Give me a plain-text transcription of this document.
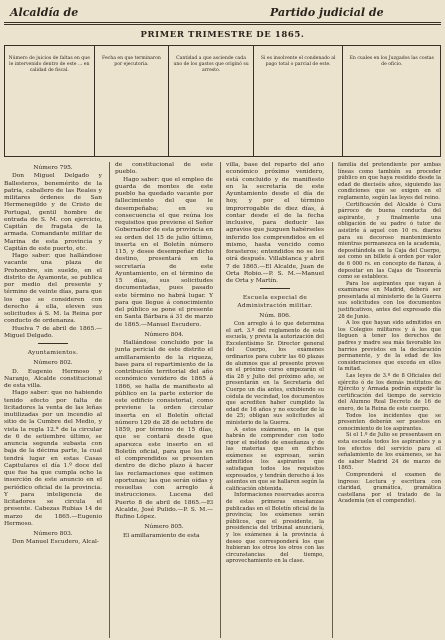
Alcaldía de	Partido judicial de
PRIMER TRIMESTRE DE 1865.
Número de juicios de faltas en que le intervenido dentro de este ... en calidad de fiscal.
Fecha en que terminaron por ejecutoria.
Cantidad a que asciende cada uno de los gastos que originó su arresto.
Si es insolvente el condenado al pago total o parcial de este.
En cuales en los Juzgados las costas de oficio.
Número 795.

Don Miguel Delgado y Ballesteros, benemérito de la patria, caballero de las Reales y militares órdenes de San Hermenegildo y de Cristo de Portugal, gentil hombre de entrada de S. M. con ejercicio, Capitán de fragata de la armada. Comandante militar de Marina de esta provincia y Capitán de este puerto, etc.

Hago saber: que hallándose vacante una plaza de Prohombre, sin sueldo, en el distrito de Ayamonte, se publica por medio del presente y término de veinte días, para que los que se consideren con derecho á ella, eleven sus solicitudes á S. M. la Reina por conducto de ordenanza.

Huelva 7 de abril de 1865.—Miguel Delgado.

Ayuntamientos.
Número 802.

D. Eugenio Hermoso y Naranjo, Alcalde constitucional de esta villa.

Hago saber: que no habiendo tenido efecto por falta de licitadores la venta de las leñas inutilizadas por un incendio al sitio de la Cumbre del Medio, y vista la regla 12.ª de la circular de 6 de setiembre último, se anuncia segunda subasta con baja de la décima parte, la cual tendrá lugar en estas Casas Capitulares el día 1.º doce del que fue ha que cumpla ocho la inserción de este anuncio en el periódico oficial de la provincia. Y para inteligencia de licitadores se circula el presente. Cabezas Rubias 14 de marzo de 1865.—Eugenio Hermoso.

Número 803.

Don Manuel Escudero, Alcal-

de constitucional de este pueblo.

Hago saber: que el empleo de guarda de montes de este pueblo ha quedado vacante por fallecimiento del que le desempeñaba; en su consecuencia el que reúna los requisitos que previene el Señor Gobernador de esta provincia en su orden del 15 de julio último, inserta en el Boletín número 115, y desee desempeñar dicho destino, presentará en la secretaría de este Ayuntamiento, en el término de 15 días, sus solicitudes documentadas, pues pasado este término no habrá lugar. Y para que llegue á conocimiento del público se pone el presente en Santa Bárbara á 31 de marzo de 1865.—Manuel Escudero.

Número 804.

Hallándose concluido por la junta pericial de este distrito el amillaramiento de la riqueza, base para el repartimiento de la contribución territorial del año económico venidero de 1865 á 1866, se halla de manifiesto al público en la parte exterior de este edificio consistorial, como previene la orden circular inserta en el Boletín oficial número 129 de 28 de octubre de 1859, por término de 15 días, que se contará desde que aparezca este inserto en el Boletín oficial, para que los en el comprendidos se presenten dentro de dicho plazo á hacer las reclamaciones que estimen oportunas; las que serán oídas y resueltas con arreglo á instrucciones. Lucena del Puerto 8 de abril de 1865.—El Alcalde, José Pulido.—P. S. M.—Rufino López.

Número 805.

El amillaramiento de esta

villa, base del reparto del año económico próximo venidero, está concluido y de manifiesto en la secretaría de este Ayuntamiento desde el día de hoy, y por el término improrrogable de diez días, á contar desde el de la fecha inclusive, para deducir las agravios que juzguen habérseles inferido los comprendidos en el mismo, hasta vencido como forasteros; entendidos no se les oirá después. Villablanca y abril 7 de 1865.—El Alcalde, Juan de Orta Robio.—P. S. M.—Manuel de Orta y Martín.

Escuela especial de Administración militar.
Núm. 806.

Con arreglo á lo que determina el art. 3.º del reglamento de esta escuela, y previa la autorización del Excelentísimo Sr. Director general del Cuerpo, los exámenes ordinarios para cubrir las 60 plazas de alumnos que al presente provee en el próximo curso empezarán el día 28 y Julio del próximo año, se presentarán en la Secretaría del Cuerpo un día antes, exhibiendo su cédula de vecindad, los documentos que acrediten haber cumplido la edad de 16 años y no exceder de la de 25; obligan sus solicitudes al ministerio de la Guerra.

A estos exámenes, en la que habrán de comprender con todo rigor el método de enseñanza y de las materias que en dichos exámenes se expresan, serán admitidos los aspirantes que satisfagan todos los requisitos expresados, y tendrán derecho á los asientos en que se hallaren según la calificación obtenida.

Informaciones reservadas acerca de estas primeras enseñanzas publicadas en el Boletín oficial de la provincia; los exámenes serán públicos, que el presidente, la presidencia del tribunal anunciará, y los exámenes á la provincia á deseo que corresponderá los que hubieran los otros los otros con las circunstancias del tiempo, aprovechamiento en la clase.

familia del pretendiente por ambas líneas como también su proceder público en que haya residido desde la edad de dieciséis años, siguiendo las condiciones que se exigen en el reglamento, según las leyes del reino.

Certificación del Alcalde ó Cura párroco de buena conducta del aspirante, y finalmente una obligación de su padre ó tutor de asistirle á aquel con 10 rs. diarios para su decoroso mantenimiento mientras permanezca en la academia, depositándola en la Caja del Cuerpo, así como un billete á orden por valor de 6 000 rs. en concepto de fianza, á depositar en las Cajas de Tesorería como se establece.

Para los aspirantes que vayan á examinarse en Madrid, deberá ser presentada al ministerio de la Guerra sus solicitudes con los documentos justificativos, antes del expresado día 28 de Junio.

A los que hayan sido admitidos en los Colegios militares y á los que lleguen á tener los derechos de padres y madre sea más favorable los barrios previstos en la declaración permanente, y de la edad de los consideraciones que exceda en ellos la mitad.

Las leyes de 3.º de 8 Oficiales del ejército ó de los demás institutos de Ejército y Armada podrán expedir la certificación del tiempo de servicio del Alumno Real Decreto de 16 de enero, de la Reina de este cuerpo.

Todos los incidentes que se presenten deberán ser puestos en conocimiento de los aspirantes.

Si el 1.º de Julio se presentasen en esta escuela todos los aspirantes y a los efectos del servicio para el señalamiento de los exámenes, se ha de saber Madrid 24 de marzo de 1865.

Comprenderá el examen de ingreso: Lectura y escritura con claridad, gramática, gramática castellana por el tratado de la Academia (en el compendio).
